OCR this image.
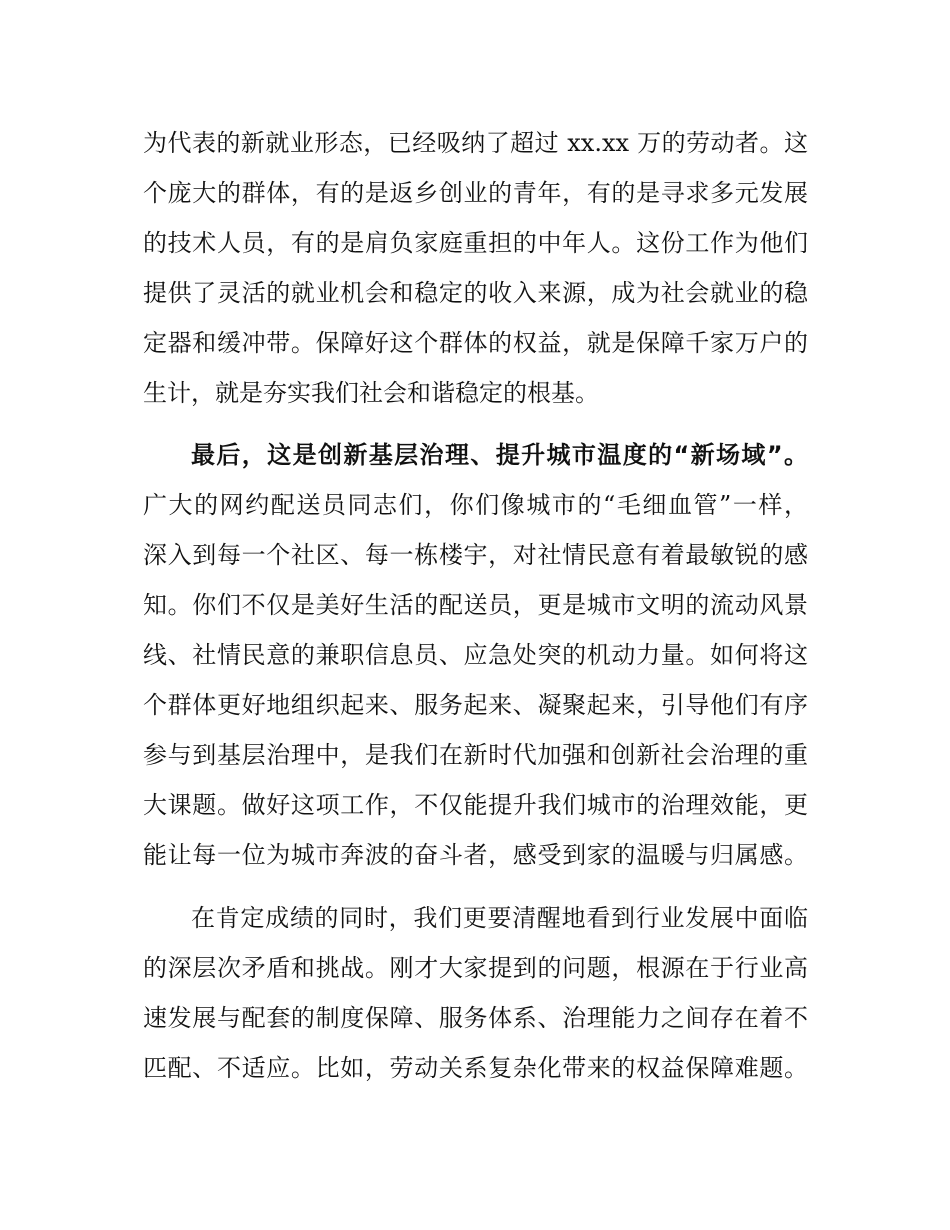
为代表的新就业形态，已经吸纳了超过 xx.xx 万的劳动者。这
个庞大的群体，有的是返乡创业的青年，有的是寻求多元发展
的技术人员，有的是肩负家庭重担的中年人。这份工作为他们
提供了灵活的就业机会和稳定的收入来源，成为社会就业的稳
定器和缓冲带。保障好这个群体的权益，就是保障千家万户的
生计，就是夯实我们社会和谐稳定的根基。
最后，这是创新基层治理、提升城市温度的“新场域”。
广大的网约配送员同志们，你们像城市的“毛细血管”一样，
深入到每一个社区、每一栋楼宇，对社情民意有着最敏锐的感
知。你们不仅是美好生活的配送员，更是城市文明的流动风景
线、社情民意的兼职信息员、应急处突的机动力量。如何将这
个群体更好地组织起来、服务起来、凝聚起来，引导他们有序
参与到基层治理中，是我们在新时代加强和创新社会治理的重
大课题。做好这项工作，不仅能提升我们城市的治理效能，更
能让每一位为城市奔波的奋斗者，感受到家的温暖与归属感。
在肯定成绩的同时，我们更要清醒地看到行业发展中面临
的深层次矛盾和挑战。刚才大家提到的问题，根源在于行业高
速发展与配套的制度保障、服务体系、治理能力之间存在着不
匹配、不适应。比如，劳动关系复杂化带来的权益保障难题。
